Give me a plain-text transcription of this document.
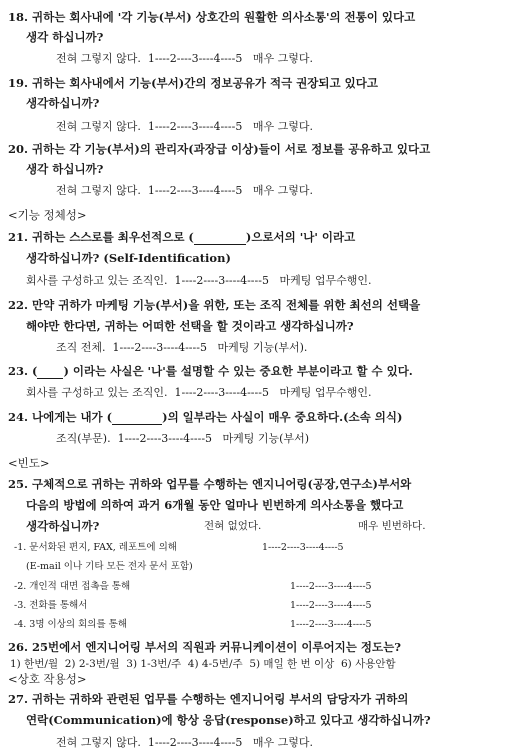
18. 귀하는 회사내에 '각 기능(부서) 상호간의 원활한 의사소통'의 전통이 있다고
생각 하십니까?
전혀 그렇지 않다.  1----2----3----4----5   매우 그렇다.
19. 귀하는 회사내에서 기능(부서)간의 정보공유가 적극 권장되고 있다고
생각하십니까?
전혀 그렇지 않다.  1----2----3----4----5   매우 그렇다.
20. 귀하는 각 기능(부서)의 관리자(과장급 이상)들이 서로 정보를 공유하고 있다고
생각 하십니까?
전혀 그렇지 않다.  1----2----3----4----5   매우 그렇다.
<기능 정체성>
21. 귀하는 스스로를 최우선적으로 (	)으로서의 '나' 이라고
생각하십니까? (Self-Identification)
회사를 구성하고 있는 조직인.  1----2----3----4----5   마케팅 업무수행인.
22. 만약 귀하가 마케팅 기능(부서)을 위한, 또는 조직 전체를 위한 최선의 선택을
해야만 한다면, 귀하는 어떠한 선택을 할 것이라고 생각하십니까?
조직 전체.  1----2----3----4----5   마케팅 기능(부서).
23. ( ) 이라는 사실은 '나'를 설명할 수 있는 중요한 부분이라고 할 수 있다.
회사를 구성하고 있는 조직인.  1----2----3----4----5   마케팅 업무수행인.
24. 나에게는 내가 (	)의 일부라는 사실이 매우 중요하다.(소속 의식)
조직(부문).  1----2----3----4----5   마케팅 기능(부서)
<빈도>
25. 구체적으로 귀하는 귀하와 업무를 수행하는 엔지니어링(공장,연구소)부서와
다음의 방법에 의하여 과거 6개월 동안 얼마나 빈번하게 의사소통을 했다고
생각하십니까?	전혀 없었다.	매우 빈번하다.
-1. 문서화된 편지, FAX, 레포트에 의해	1----2----3----4----5
(E-mail 이나 기타 모든 전자 문서 포함)
-2. 개인적 대면 접촉을 통해	1----2----3----4----5
-3. 전화를 통해서	1----2----3----4----5
-4. 3명 이상의 회의를 통해	1----2----3----4----5
26. 25번에서 엔지니어링 부서의 직원과 커뮤니케이션이 이루어지는 정도는?
1) 한번/월  2) 2-3번/월  3) 1-3번/주  4) 4-5번/주  5) 매일 한 번 이상  6) 사용안함
<상호 작용성>
27. 귀하는 귀하와 관련된 업무를 수행하는 엔지니어링 부서의 담당자가 귀하의
연락(Communication)에 항상 응답(response)하고 있다고 생각하십니까?
전혀 그렇지 않다.  1----2----3----4----5   매우 그렇다.
